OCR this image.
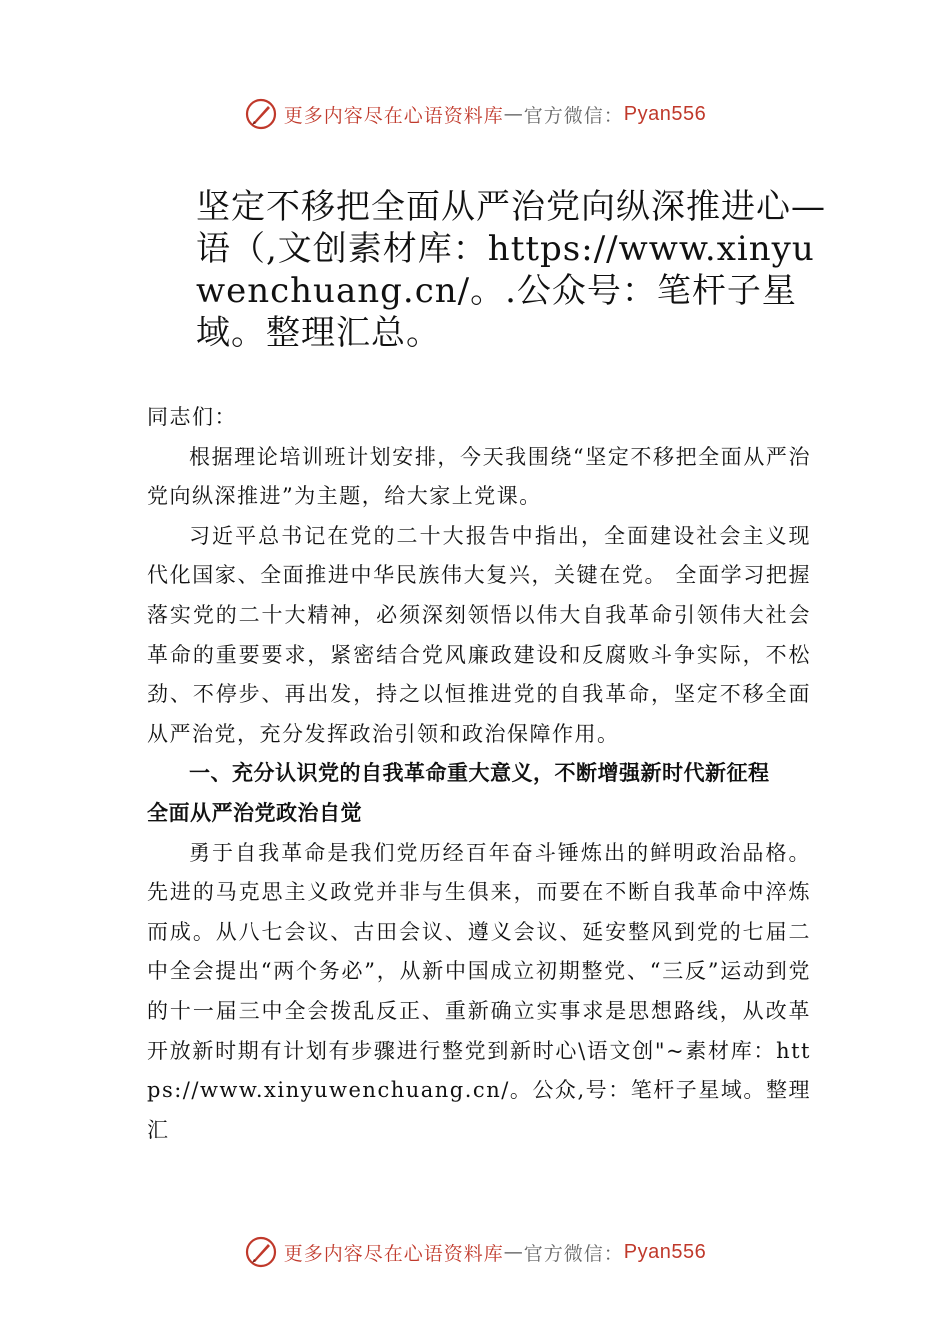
更多内容尽在心语资料库 — 官方微信： Pyan556
坚定不移把全面从严治党向纵深推进心—语（,文创素材库：https://www.xinyuwenchuang.cn/。.公众号：笔杆子星域。整理汇总。

同志们：

根据理论培训班计划安排，今天我围绕“坚定不移把全面从严治党向纵深推进”为主题，给大家上党课。

习近平总书记在党的二十大报告中指出，全面建设社会主义现代化国家、全面推进中华民族伟大复兴，关键在党。 全面学习把握落实党的二十大精神，必须深刻领悟以伟大自我革命引领伟大社会革命的重要要求，紧密结合党风廉政建设和反腐败斗争实际，不松劲、不停步、再出发，持之以恒推进党的自我革命，坚定不移全面从严治党，充分发挥政治引领和政治保障作用。

一、充分认识党的自我革命重大意义，不断增强新时代新征程全面从严治党政治自觉

勇于自我革命是我们党历经百年奋斗锤炼出的鲜明政治品格。先进的马克思主义政党并非与生俱来，而要在不断自我革命中淬炼而成。从八七会议、古田会议、遵义会议、延安整风到党的七届二中全会提出“两个务必”，从新中国成立初期整党、“三反”运动到党的十一届三中全会拨乱反正、重新确立实事求是思想路线，从改革开放新时期有计划有步骤进行整党到新时心\语文创"~素材库：https://www.xinyuwenchuang.cn/。公众,号：笔杆子星域。整理汇

更多内容尽在心语资料库 — 官方微信： Pyan556
